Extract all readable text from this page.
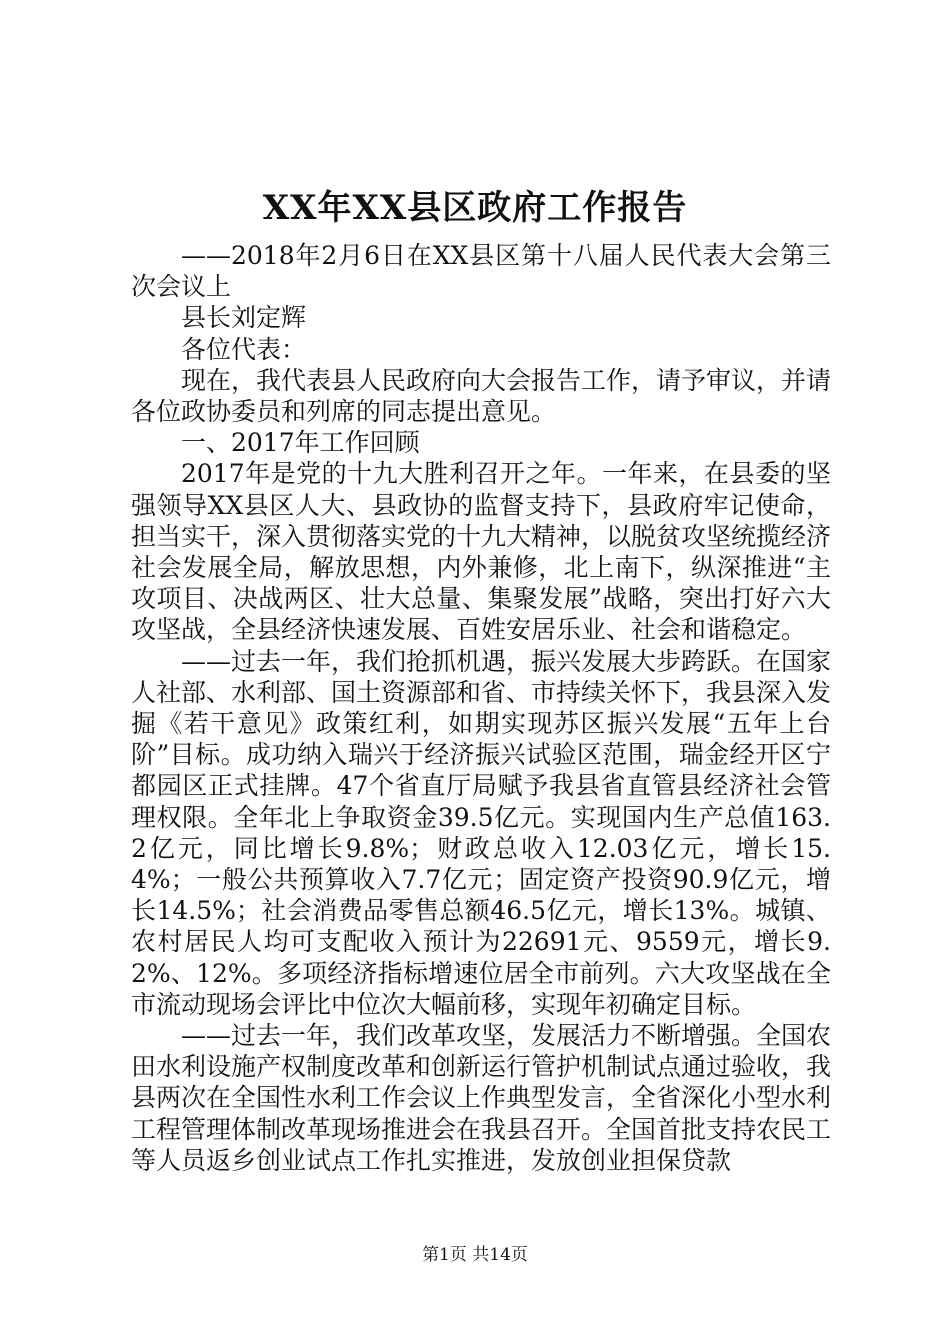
XX年XX县区政府工作报告

——2018年2月6日在XX县区第十八届人民代表大会第三次会议上

县长刘定辉

各位代表：

现在，我代表县人民政府向大会报告工作，请予审议，并请各位政协委员和列席的同志提出意见。

一、2017年工作回顾

2017年是党的十九大胜利召开之年。一年来，在县委的坚强领导XX县区人大、县政协的监督支持下，县政府牢记使命，担当实干，深入贯彻落实党的十九大精神，以脱贫攻坚统揽经济社会发展全局，解放思想，内外兼修，北上南下，纵深推进“主攻项目、决战两区、壮大总量、集聚发展”战略，突出打好六大攻坚战，全县经济快速发展、百姓安居乐业、社会和谐稳定。

——过去一年，我们抢抓机遇，振兴发展大步跨跃。在国家人社部、水利部、国土资源部和省、市持续关怀下，我县深入发掘《若干意见》政策红利，如期实现苏区振兴发展“五年上台阶”目标。成功纳入瑞兴于经济振兴试验区范围，瑞金经开区宁都园区正式挂牌。47个省直厅局赋予我县省直管县经济社会管理权限。全年北上争取资金39.5亿元。实现国内生产总值163.2亿元，同比增长9.8%；财政总收入12.03亿元，增长15.4%；一般公共预算收入7.7亿元；固定资产投资90.9亿元，增长14.5%；社会消费品零售总额46.5亿元，增长13%。城镇、农村居民人均可支配收入预计为22691元、9559元，增长9.2%、12%。多项经济指标增速位居全市前列。六大攻坚战在全市流动现场会评比中位次大幅前移，实现年初确定目标。

——过去一年，我们改革攻坚，发展活力不断增强。全国农田水利设施产权制度改革和创新运行管护机制试点通过验收，我县两次在全国性水利工作会议上作典型发言，全省深化小型水利工程管理体制改革现场推进会在我县召开。全国首批支持农民工等人员返乡创业试点工作扎实推进，发放创业担保贷款

第1页 共14页
